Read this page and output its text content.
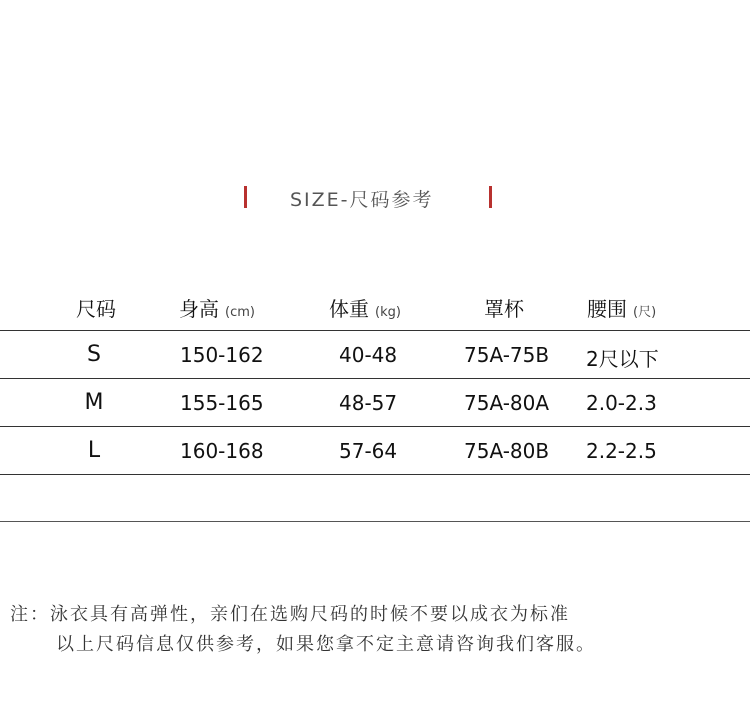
SIZE-尺码参考
尺码	身高 (cm)	体重 (kg)	罩杯	腰围 (尺)
S	150-162	40-48	75A-75B 2尺以下
M	155-165	48-57	75A-80A 2.0-2.3
L	160-168	57-64	75A-80B 2.2-2.5
注：泳衣具有高弹性，亲们在选购尺码的时候不要以成衣为标准
以上尺码信息仅供参考，如果您拿不定主意请咨询我们客服。
